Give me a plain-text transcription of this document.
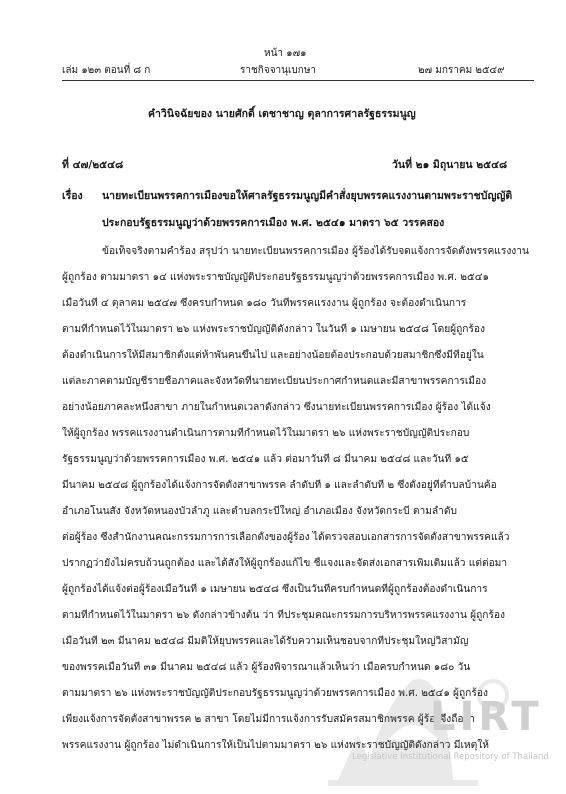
หน้า ๑๗๑
เล่ม ๑๒๓ ตอนที่ ๘ ก	ราชกิจจานุเบกษา	๒๗ มกราคม ๒๕๔๙
คำวินิจฉัยของ นายศักดิ์ เตชาชาญ ตุลาการศาลรัฐธรรมนูญ
ที่ ๔๗/๒๕๔๘	วันที่ ๒๑ มิถุนายน ๒๕๔๘
เรื่อง นายทะเบียนพรรคการเมืองขอให้ศาลรัฐธรรมนูญมีคำสั่งยุบพรรคแรงงานตามพระราชบัญญัติ
ประกอบรัฐธรรมนูญว่าด้วยพรรคการเมือง พ.ศ. ๒๕๔๑ มาตรา ๖๕ วรรคสอง
ข้อเท็จจริงตามคำร้อง สรุปว่า นายทะเบียนพรรคการเมือง ผู้ร้องได้รับจดแจ้งการจัดตั้งพรรคแรงงาน
ผู้ถูกร้อง ตามมาตรา ๑๔ แห่งพระราชบัญญัติประกอบรัฐธรรมนูญว่าด้วยพรรคการเมือง พ.ศ. ๒๕๔๑
เมื่อวันที่ ๔ ตุลาคม ๒๕๔๗ ซึ่งครบกำหนด ๑๘๐ วันที่พรรคแรงงาน ผู้ถูกร้อง จะต้องดำเนินการ
ตามที่กำหนดไว้ในมาตรา ๒๖ แห่งพระราชบัญญัติดังกล่าว ในวันที่ ๑ เมษายน ๒๕๔๘ โดยผู้ถูกร้อง
ต้องดำเนินการให้มีสมาชิกตั้งแต่ห้าพันคนขึ้นไป และอย่างน้อยต้องประกอบด้วยสมาชิกซึ่งมีที่อยู่ใน
แต่ละภาคตามบัญชีรายชื่อภาคและจังหวัดที่นายทะเบียนประกาศกำหนดและมีสาขาพรรคการเมือง
อย่างน้อยภาคละหนึ่งสาขา ภายในกำหนดเวลาดังกล่าว ซึ่งนายทะเบียนพรรคการเมือง ผู้ร้อง ได้แจ้ง
ให้ผู้ถูกร้อง พรรคแรงงานดำเนินการตามที่กำหนดไว้ในมาตรา ๒๖ แห่งพระราชบัญญัติประกอบ
รัฐธรรมนูญว่าด้วยพรรคการเมือง พ.ศ. ๒๕๔๑ แล้ว ต่อมาวันที่ ๘ มีนาคม ๒๕๔๘ และวันที่ ๑๕
มีนาคม ๒๕๔๘ ผู้ถูกร้องได้แจ้งการจัดตั้งสาขาพรรค ลำดับที่ ๑ และลำดับที่ ๒ ซึ่งตั้งอยู่ที่ตำบลบ้านค้อ
อำเภอโนนสัง จังหวัดหนองบัวลำภู และตำบลกระบี่ใหญ่ อำเภอเมือง จังหวัดกระบี่ ตามลำดับ
ต่อผู้ร้อง ซึ่งสำนักงานคณะกรรมการการเลือกตั้งของผู้ร้อง ได้ตรวจสอบเอกสารการจัดตั้งสาขาพรรคแล้ว
ปรากฏว่ายังไม่ครบถ้วนถูกต้อง และได้สั่งให้ผู้ถูกร้องแก้ไข ชี้แจงและจัดส่งเอกสารเพิ่มเติมแล้ว แต่ต่อมา
ผู้ถูกร้องได้แจ้งต่อผู้ร้องเมื่อวันที่ ๑ เมษายน ๒๕๔๘ ซึ่งเป็นวันที่ครบกำหนดที่ผู้ถูกร้องต้องดำเนินการ
ตามที่กำหนดไว้ในมาตรา ๒๖ ดังกล่าวข้างต้น ว่า ที่ประชุมคณะกรรมการบริหารพรรคแรงงาน ผู้ถูกร้อง
เมื่อวันที่ ๒๓ มีนาคม ๒๕๔๘ มีมติให้ยุบพรรคและได้รับความเห็นชอบจากที่ประชุมใหญ่วิสามัญ
ของพรรคเมื่อวันที่ ๓๑ มีนาคม ๒๕๔๘ แล้ว ผู้ร้องพิจารณาแล้วเห็นว่า เมื่อครบกำหนด ๑๘๐ วัน
ตามมาตรา ๒๖ แห่งพระราชบัญญัติประกอบรัฐธรรมนูญว่าด้วยพรรคการเมือง พ.ศ. ๒๕๔๑ ผู้ถูกร้อง
เพียงแจ้งการจัดตั้งสาขาพรรค ๒ สาขา โดยไม่มีการแจ้งการรับสมัครสมาชิกพรรค ผู้ร้องจึงถือว่า
พรรคแรงงาน ผู้ถูกร้อง ไม่ดำเนินการให้เป็นไปตามมาตรา ๒๖ แห่งพระราชบัญญัติดังกล่าว มีเหตุให้
LIRT
Legislative Institutional Repository of Thailand
